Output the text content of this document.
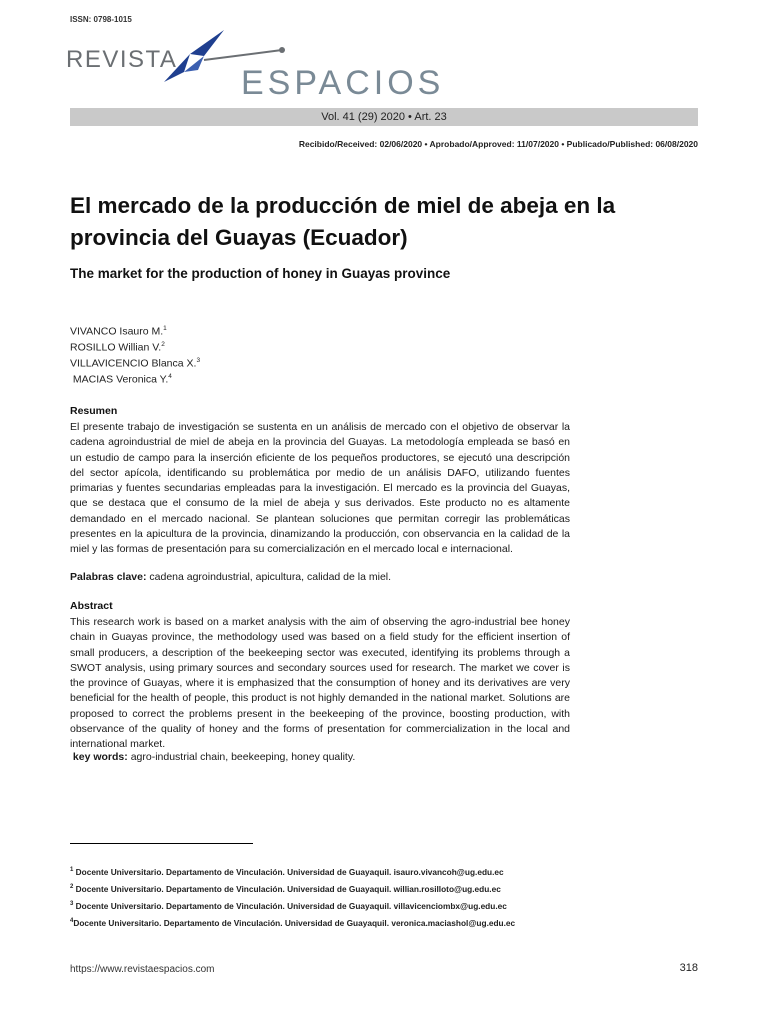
ISSN: 0798-1015
REVISTA
ESPACIOS
Vol. 41 (29) 2020 • Art. 23
Recibido/Received: 02/06/2020 • Aprobado/Approved: 11/07/2020 • Publicado/Published: 06/08/2020
El mercado de la producción de miel de abeja en la provincia del Guayas (Ecuador)
The market for the production of honey in Guayas province
VIVANCO Isauro M.$^1$
ROSILLO Willian V.$^2$
VILLAVICENCIO Blanca X.$^3$
MACIAS Veronica Y.$^4$
Resumen
El presente trabajo de investigación se sustenta en un análisis de mercado con el objetivo de observar la cadena agroindustrial de miel de abeja en la provincia del Guayas. La metodología empleada se basó en un estudio de campo para la inserción eficiente de los pequeños productores, se ejecutó una descripción del sector apícola, identificando su problemática por medio de un análisis DAFO, utilizando fuentes primarias y fuentes secundarias empleadas para la investigación. El mercado es la provincia del Guayas, que se destaca que el consumo de la miel de abeja y sus derivados. Este producto no es altamente demandado en el mercado nacional. Se plantean soluciones que permitan corregir las problemáticas presentes en la apicultura de la provincia, dinamizando la producción, con observancia en la calidad de la miel y las formas de presentación para su comercialización en el mercado local e internacional.
Palabras clave: cadena agroindustrial, apicultura, calidad de la miel.
Abstract
This research work is based on a market analysis with the aim of observing the agro-industrial bee honey chain in Guayas province, the methodology used was based on a field study for the efficient insertion of small producers, a description of the beekeeping sector was executed, identifying its problems through a SWOT analysis, using primary sources and secondary sources used for research. The market we cover is the province of Guayas, where it is emphasized that the consumption of honey and its derivatives are very beneficial for the health of people, this product is not highly demanded in the national market. Solutions are proposed to correct the problems present in the beekeeping of the province, boosting production, with observance of the quality of honey and the forms of presentation for commercialization in the local and international market.
key words: agro-industrial chain, beekeeping, honey quality.
$^1$ Docente Universitario. Departamento de Vinculación. Universidad de Guayaquil. isauro.vivancoh@ug.edu.ec
$^2$ Docente Universitario. Departamento de Vinculación. Universidad de Guayaquil. willian.rosilloto@ug.edu.ec
$^3$ Docente Universitario. Departamento de Vinculación. Universidad de Guayaquil. villavicenciombx@ug.edu.ec
$^4$Docente Universitario. Departamento de Vinculación. Universidad de Guayaquil. veronica.maciashol@ug.edu.ec
https://www.revistaespacios.com	318
